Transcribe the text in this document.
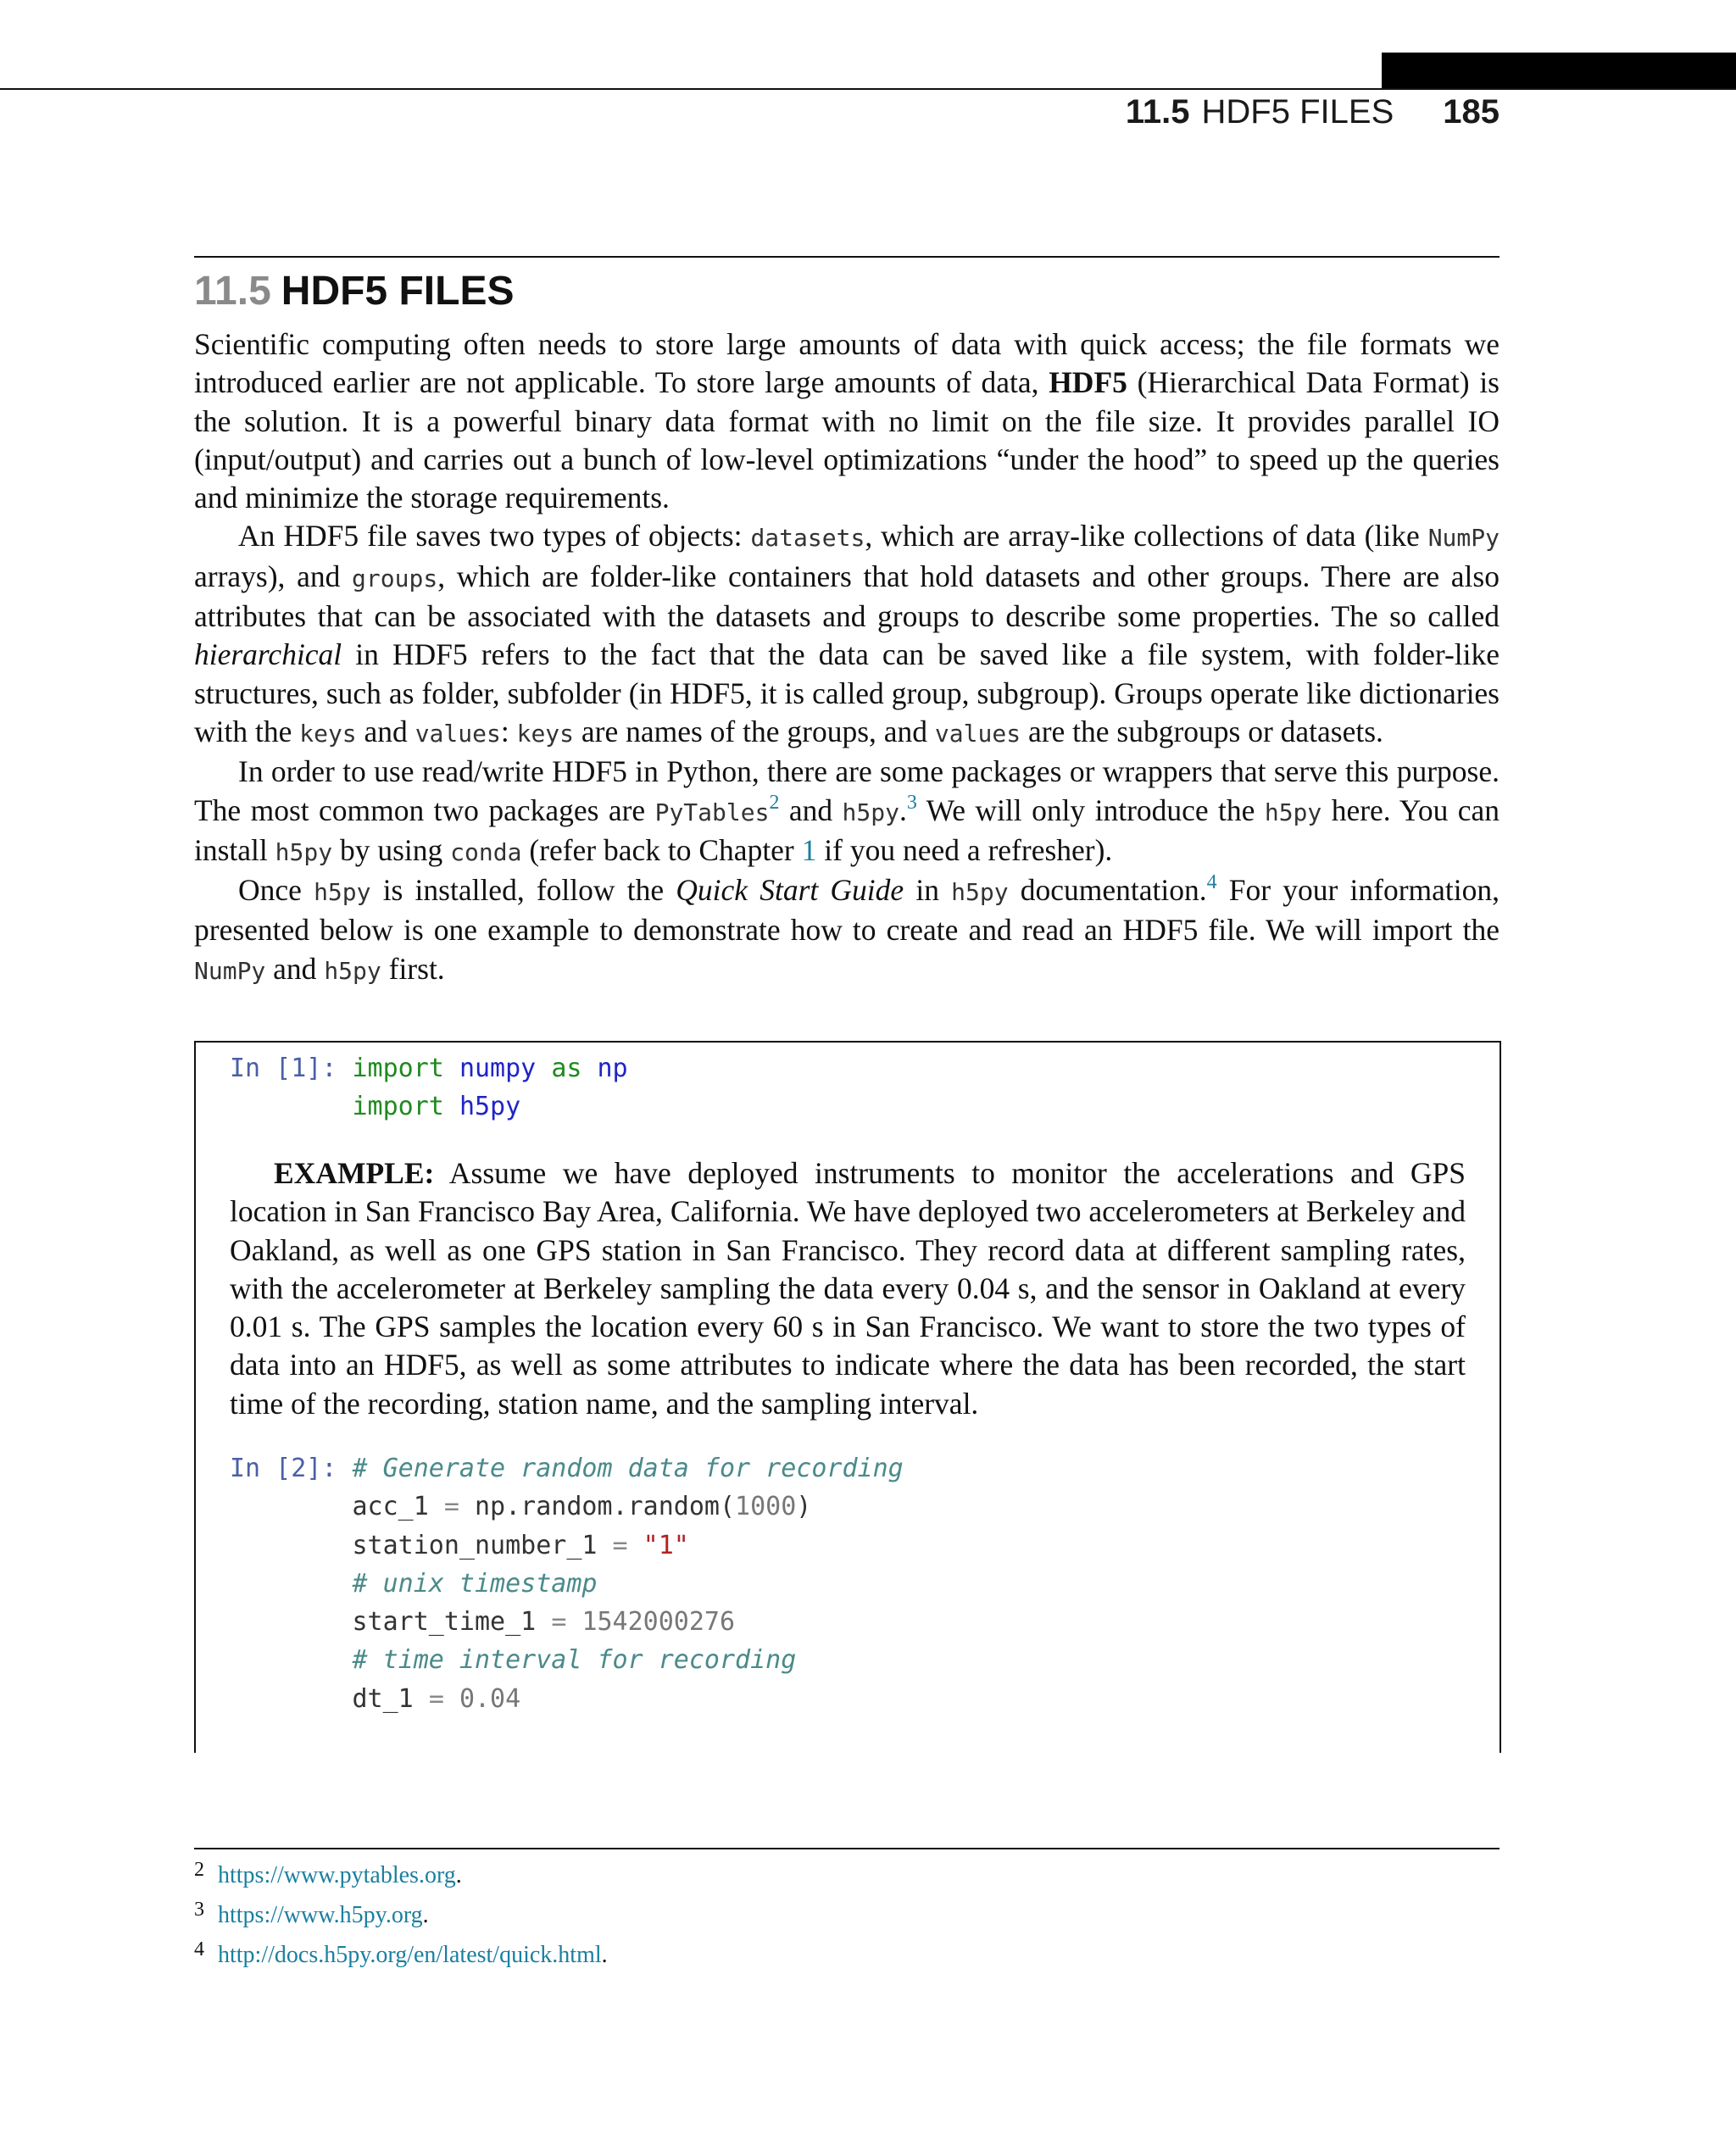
11.5 HDF5 FILES 185
11.5 HDF5 FILES

Scientific computing often needs to store large amounts of data with quick access; the file formats we introduced earlier are not applicable. To store large amounts of data, HDF5 (Hierarchical Data Format) is the solution. It is a powerful binary data format with no limit on the file size. It provides parallel IO (input/output) and carries out a bunch of low-level optimizations “under the hood” to speed up the queries and minimize the storage requirements.

An HDF5 file saves two types of objects: datasets, which are array-like collections of data (like NumPy arrays), and groups, which are folder-like containers that hold datasets and other groups. There are also attributes that can be associated with the datasets and groups to describe some properties. The so called hierarchical in HDF5 refers to the fact that the data can be saved like a file system, with folder-like structures, such as folder, subfolder (in HDF5, it is called group, subgroup). Groups operate like dictionaries with the keys and values: keys are names of the groups, and values are the subgroups or datasets.

In order to use read/write HDF5 in Python, there are some packages or wrappers that serve this purpose. The most common two packages are PyTables$^2$ and h5py.$^3$ We will only introduce the h5py here. You can install h5py by using conda (refer back to Chapter 1 if you need a refresher).

Once h5py is installed, follow the Quick Start Guide in h5py documentation.$^4$ For your information, presented below is one example to demonstrate how to create and read an HDF5 file. We will import the NumPy and h5py first.

In [1]: import numpy as np
import h5py

EXAMPLE: Assume we have deployed instruments to monitor the accelerations and GPS location in San Francisco Bay Area, California. We have deployed two accelerometers at Berkeley and Oakland, as well as one GPS station in San Francisco. They record data at different sampling rates, with the accelerometer at Berkeley sampling the data every 0.04 s, and the sensor in Oakland at every 0.01 s. The GPS samples the location every 60 s in San Francisco. We want to store the two types of data into an HDF5, as well as some attributes to indicate where the data has been recorded, the start time of the recording, station name, and the sampling interval.

In [2]: # Generate random data for recording
acc_1 = np.random.random(1000)
station_number_1 = "1"
# unix timestamp
start_time_1 = 1542000276
# time interval for recording
dt_1 = 0.04
2 https://www.pytables.org.
3 https://www.h5py.org.
4 http://docs.h5py.org/en/latest/quick.html.
